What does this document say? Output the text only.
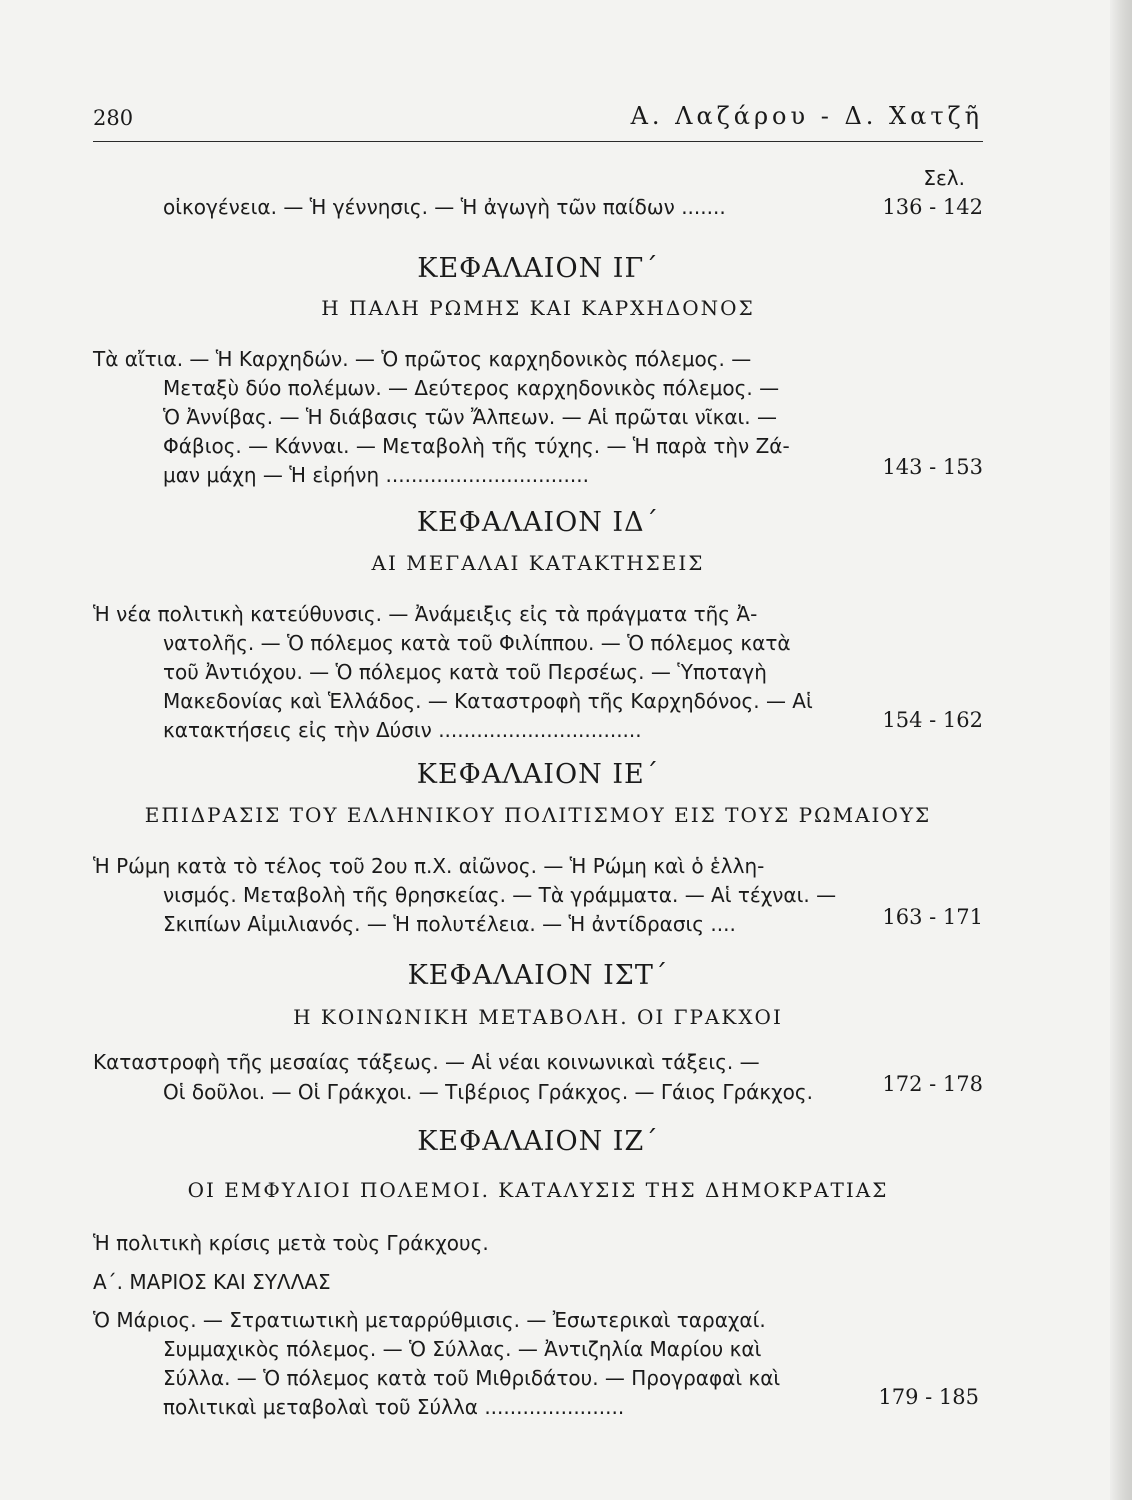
280	Α. Λαζάρου - Δ. Χατζῆ
Σελ.
οἰκογένεια. — Ἡ γέννησις. — Ἡ ἀγωγὴ τῶν παίδων .......	136 - 142
ΚΕΦΑΛΑΙΟΝ ΙΓ΄
Η ΠΑΛΗ ΡΩΜΗΣ ΚΑΙ ΚΑΡΧΗΔΟΝΟΣ
Τὰ αἴτια. — Ἡ Καρχηδών. — Ὁ πρῶτος καρχηδονικὸς πόλεμος. —
Μεταξὺ δύο πολέμων. — Δεύτερος καρχηδονικὸς πόλεμος. —
Ὁ Ἀννίβας. — Ἡ διάβασις τῶν Ἄλπεων. — Αἱ πρῶται νῖκαι. —
Φάβιος. — Κάνναι. — Μεταβολὴ τῆς τύχης. — Ἡ παρὰ τὴν Ζά-
μαν μάχη — Ἡ εἰρήνη ................................	143 - 153
ΚΕΦΑΛΑΙΟΝ ΙΔ΄
ΑΙ ΜΕΓΑΛΑΙ ΚΑΤΑΚΤΗΣΕΙΣ
Ἡ νέα πολιτικὴ κατεύθυνσις. — Ἀνάμειξις εἰς τὰ πράγματα τῆς Ἀ-
νατολῆς. — Ὁ πόλεμος κατὰ τοῦ Φιλίππου. — Ὁ πόλεμος κατὰ
τοῦ Ἀντιόχου. — Ὁ πόλεμος κατὰ τοῦ Περσέως. — Ὑποταγὴ
Μακεδονίας καὶ Ἑλλάδος. — Καταστροφὴ τῆς Καρχηδόνος. — Αἱ
κατακτήσεις εἰς τὴν Δύσιν ................................	154 - 162
ΚΕΦΑΛΑΙΟΝ ΙΕ΄
ΕΠΙΔΡΑΣΙΣ ΤΟΥ ΕΛΛΗΝΙΚΟΥ ΠΟΛΙΤΙΣΜΟΥ ΕΙΣ ΤΟΥΣ ΡΩΜΑΙΟΥΣ
Ἡ Ρώμη κατὰ τὸ τέλος τοῦ 2ου π.Χ. αἰῶνος. — Ἡ Ρώμη καὶ ὁ ἑλλη-
νισμός. Μεταβολὴ τῆς θρησκείας. — Τὰ γράμματα. — Αἱ τέχναι. —
Σκιπίων Αἰμιλιανός. — Ἡ πολυτέλεια. — Ἡ ἀντίδρασις ....	163 - 171
ΚΕΦΑΛΑΙΟΝ ΙΣΤ΄
Η ΚΟΙΝΩΝΙΚΗ ΜΕΤΑΒΟΛΗ. ΟΙ ΓΡΑΚΧΟΙ
Καταστροφὴ τῆς μεσαίας τάξεως. — Αἱ νέαι κοινωνικαὶ τάξεις. —
Οἱ δοῦλοι. — Οἱ Γράκχοι. — Τιβέριος Γράκχος. — Γάιος Γράκχος.	172 - 178
ΚΕΦΑΛΑΙΟΝ ΙΖ΄
ΟΙ ΕΜΦΥΛΙΟΙ ΠΟΛΕΜΟΙ. ΚΑΤΑΛΥΣΙΣ ΤΗΣ ΔΗΜΟΚΡΑΤΙΑΣ
Ἡ πολιτικὴ κρίσις μετὰ τοὺς Γράκχους.
Α΄. ΜΑΡΙΟΣ ΚΑΙ ΣΥΛΛΑΣ
Ὁ Μάριος. — Στρατιωτικὴ μεταρρύθμισις. — Ἐσωτερικαὶ ταραχαί.
Συμμαχικὸς πόλεμος. — Ὁ Σύλλας. — Ἀντιζηλία Μαρίου καὶ
Σύλλα. — Ὁ πόλεμος κατὰ τοῦ Μιθριδάτου. — Προγραφαὶ καὶ
πολιτικαὶ μεταβολαὶ τοῦ Σύλλα ......................	179 - 185
